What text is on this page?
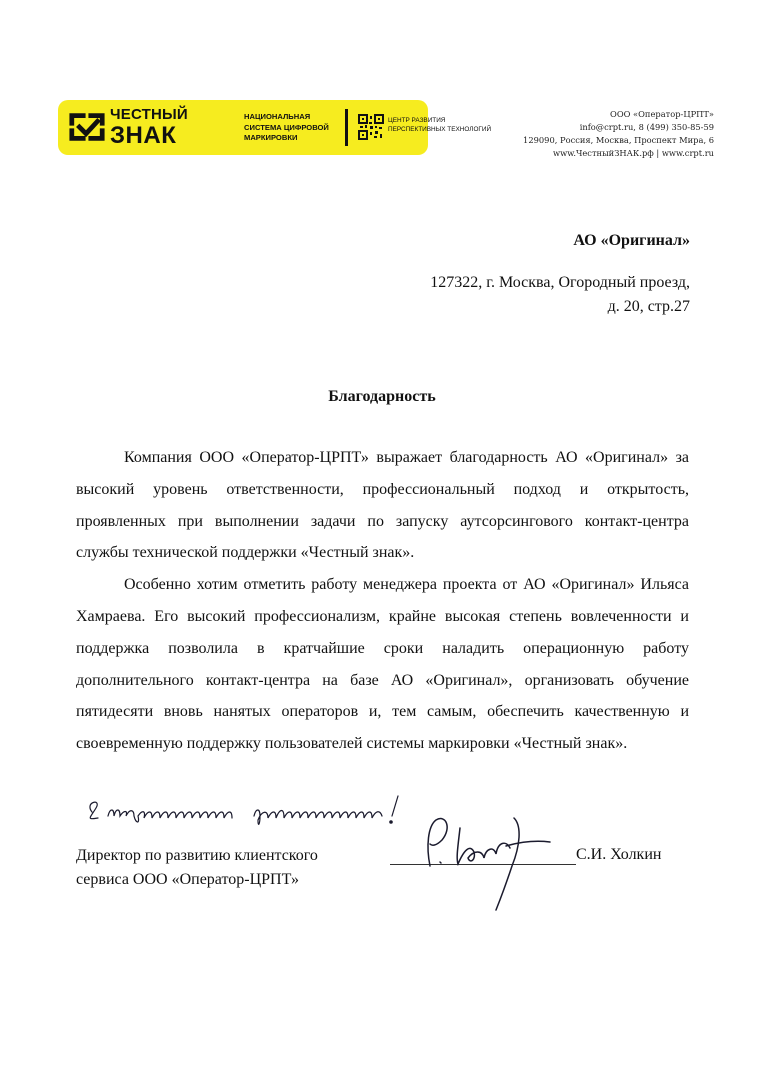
ЧЕСТНЫЙ
ЗНАК
НАЦИОНАЛЬНАЯ
СИСТЕМА ЦИФРОВОЙ
МАРКИРОВКИ
ЦЕНТР РАЗВИТИЯ
ПЕРСПЕКТИВНЫХ ТЕХНОЛОГИЙ
ООО «Оператор-ЦРПТ»
info@crpt.ru, 8 (499) 350-85-59
129090, Россия, Москва, Проспект Мира, 6
www.ЧестныйЗНАК.рф | www.crpt.ru
АО «Оригинал»
127322, г. Москва, Огородный проезд,
д. 20, стр.27
Благодарность

Компания ООО «Оператор-ЦРПТ» выражает благодарность АО «Оригинал» за высокий уровень ответственности, профессиональный подход и открытость, проявленных при выполнении задачи по запуску аутсорсингового контакт-центра службы технической поддержки «Честный знак».

Особенно хотим отметить работу менеджера проекта от АО «Оригинал» Ильяса Хамраева. Его высокий профессионализм, крайне высокая степень вовлеченности и поддержка позволила в кратчайшие сроки наладить операционную работу дополнительного контакт-центра на базе АО «Оригинал», организовать обучение пятидесяти вновь нанятых операторов и, тем самым, обеспечить качественную и своевременную поддержку пользователей системы маркировки «Честный знак».

Директор по развитию клиентского
сервиса ООО «Оператор-ЦРПТ»
С.И. Холкин
